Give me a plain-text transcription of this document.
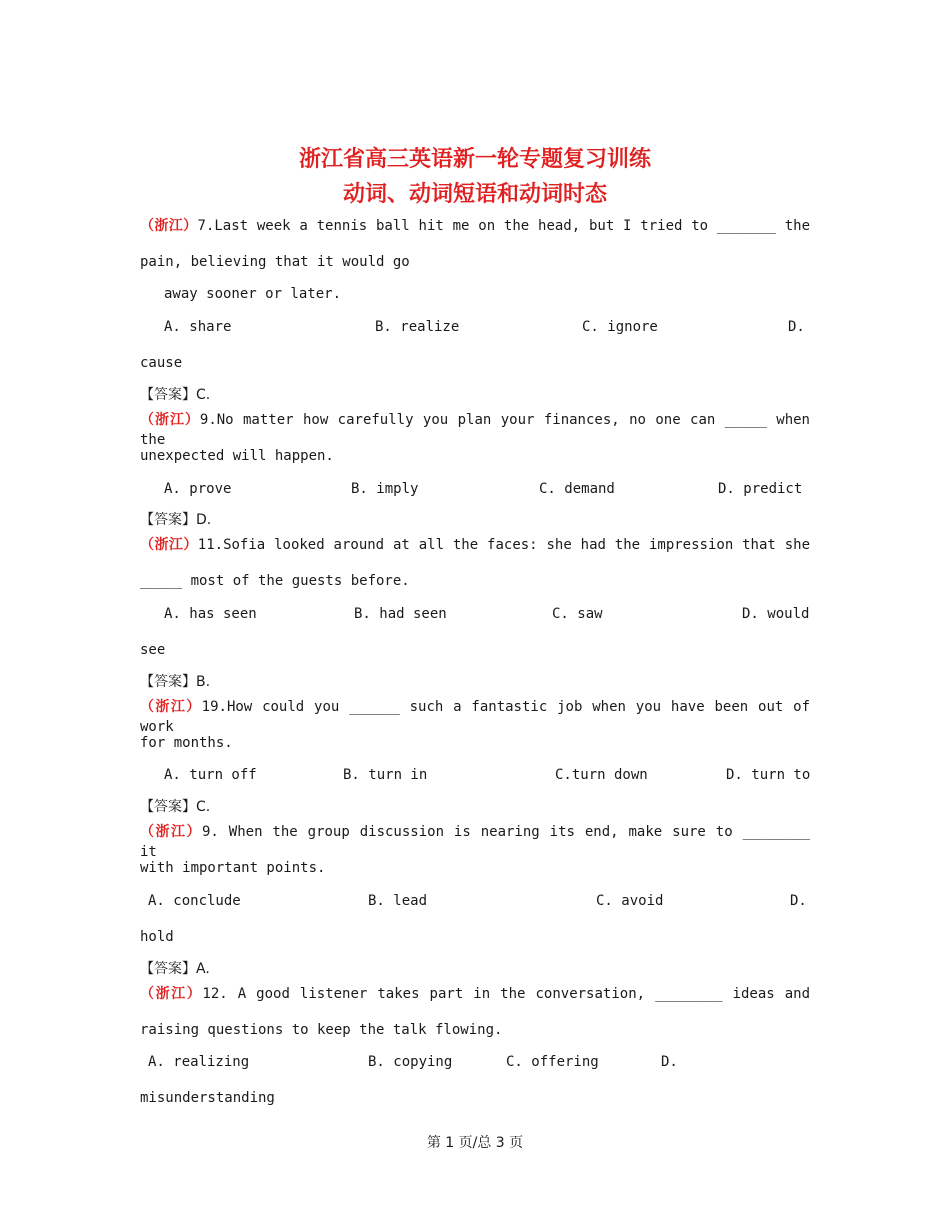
浙江省高三英语新一轮专题复习训练
动词、动词短语和动词时态
（浙江）7.Last week a tennis ball hit me on the head, but I tried to _______ the
pain, believing that it would go
away sooner or later.
A. share	B. realize	C. ignore	D.
cause
【答案】C.
（浙江）9.No matter how carefully you plan your finances, no one can _____ when the
unexpected will happen.
A. prove	B. imply	C. demand	D. predict
【答案】D.
（浙江）11.Sofia looked around at all the faces: she had the impression that she
_____ most of the guests before.
A. has seen	B. had seen	C. saw	D. would
see
【答案】B.
（浙江）19.How could you ______ such a fantastic job when you have been out of work
for months.
A. turn off	B. turn in	C.turn down	D. turn to
【答案】C.
（浙江）9. When the group discussion is nearing its end, make sure to ________ it
with important points.
A. conclude	B. lead	C. avoid	D.
hold
【答案】A.
（浙江）12. A good listener takes part in the conversation, ________ ideas and
raising questions to keep the talk flowing.
A. realizing	B. copying	C. offering	D.
misunderstanding
第 1 页/总 3 页
